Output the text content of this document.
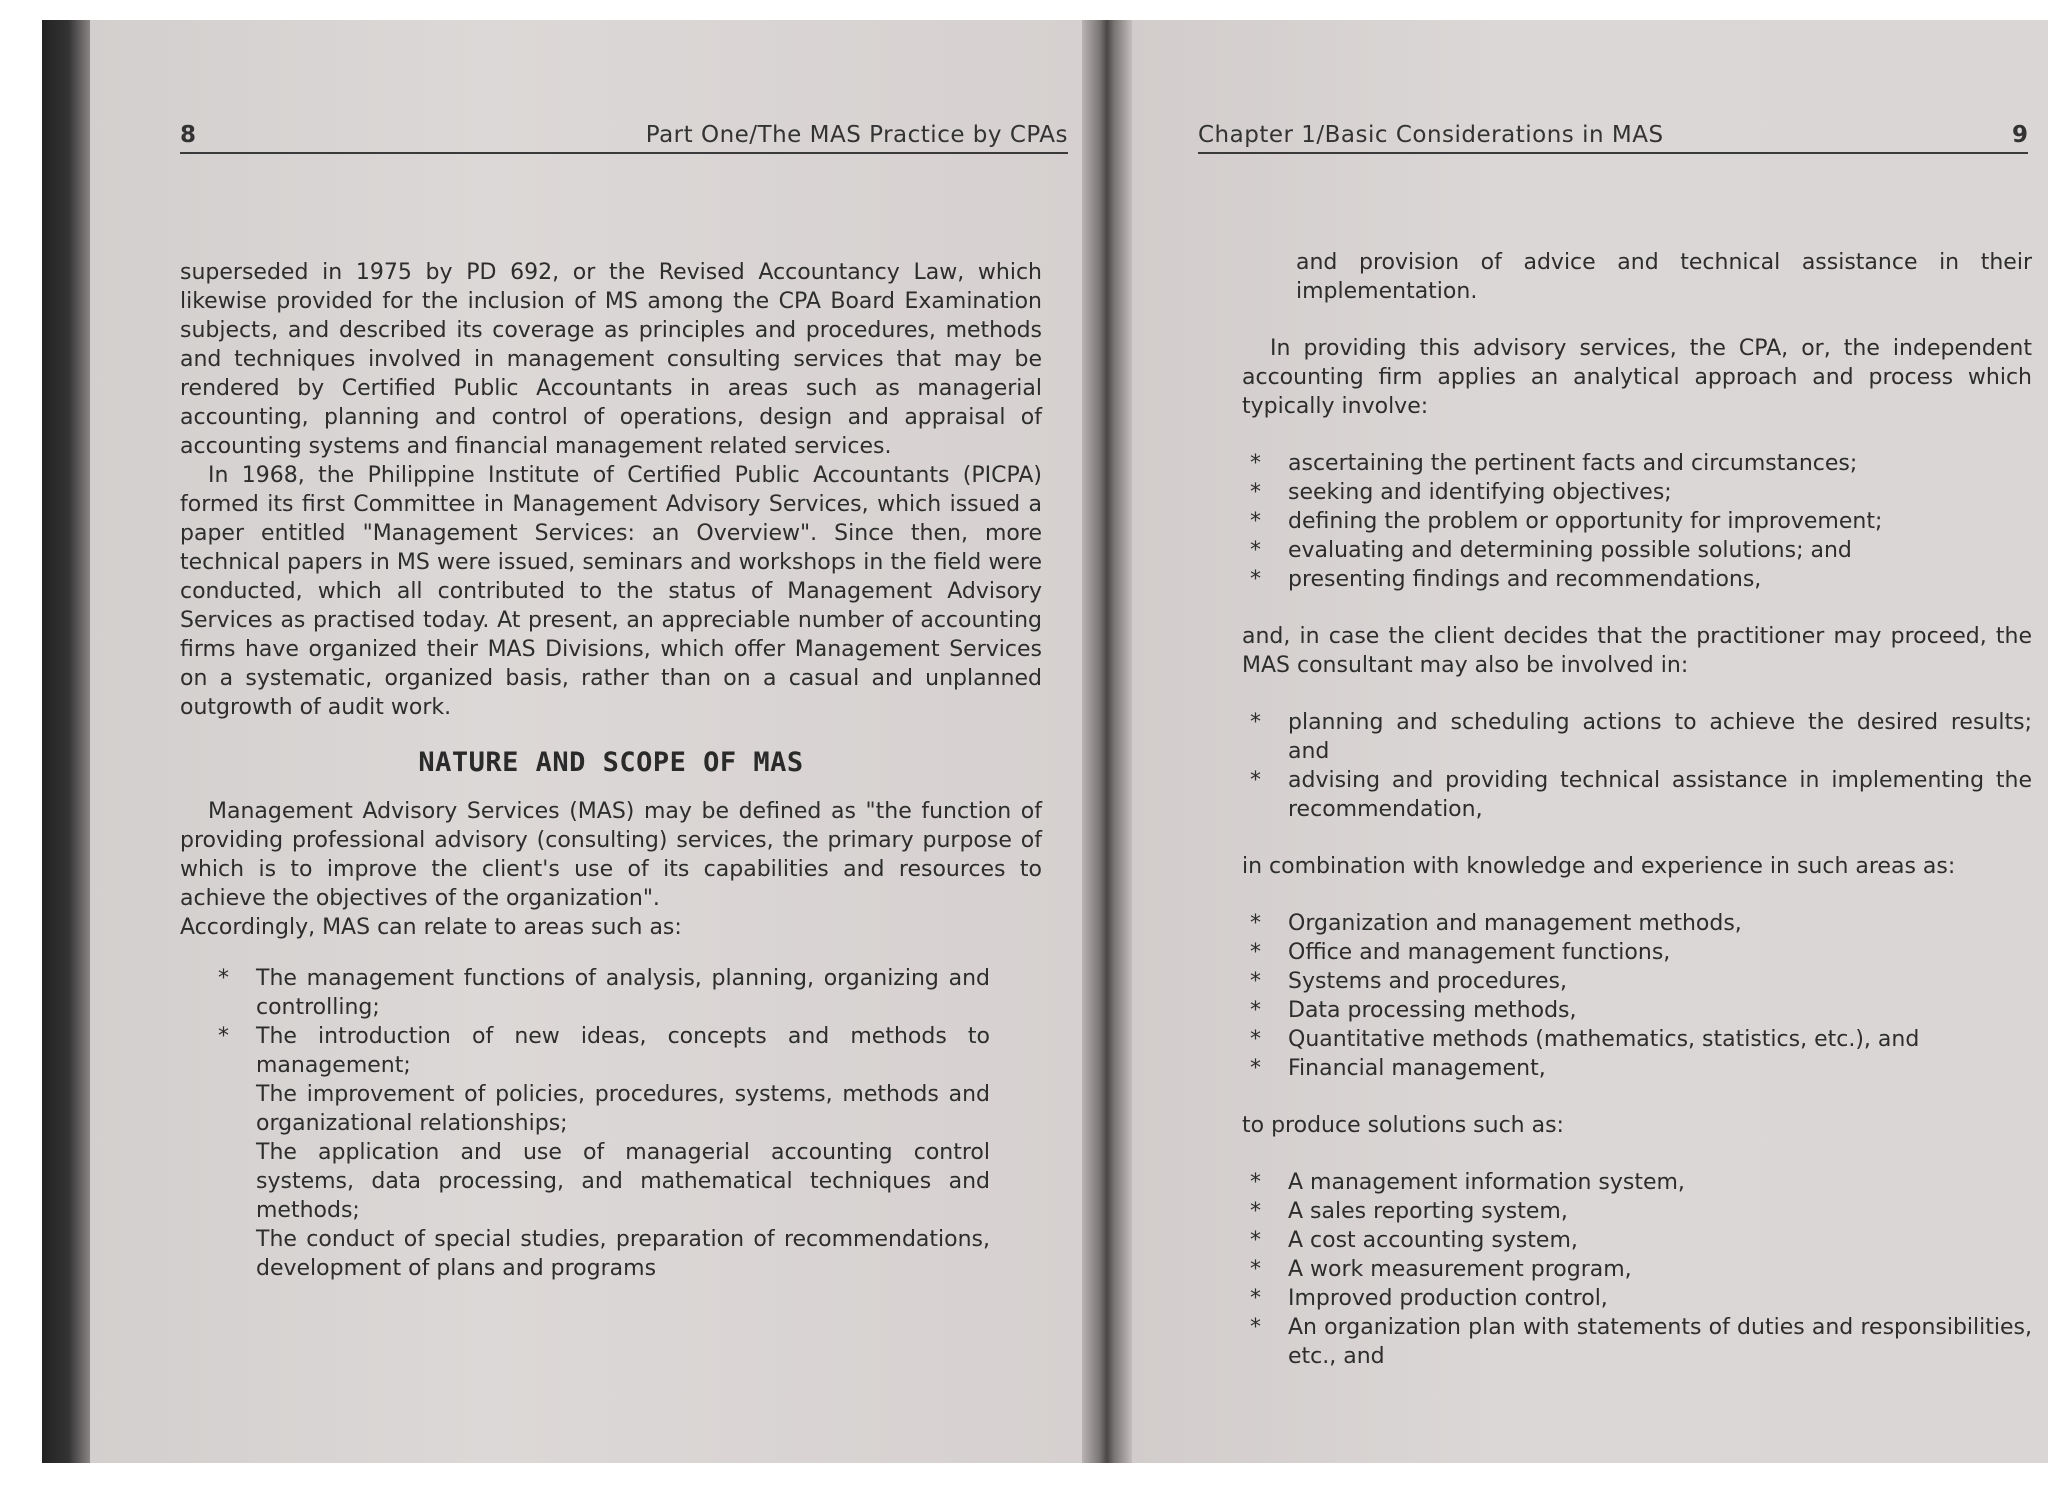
8	Part One/The MAS Practice by CPAs

superseded in 1975 by PD 692, or the Revised Accountancy Law, which likewise provided for the inclusion of MS among the CPA Board Examination subjects, and described its coverage as principles and procedures, methods and techniques involved in management consulting services that may be rendered by Certified Public Accountants in areas such as managerial accounting, planning and control of operations, design and appraisal of accounting systems and financial management related services.

In 1968, the Philippine Institute of Certified Public Accountants (PICPA) formed its first Committee in Management Advisory Services, which issued a paper entitled "Management Services: an Overview". Since then, more technical papers in MS were issued, seminars and workshops in the field were conducted, which all contributed to the status of Management Advisory Services as practised today. At present, an appreciable number of accounting firms have organized their MAS Divisions, which offer Management Services on a systematic, organized basis, rather than on a casual and unplanned outgrowth of audit work.

NATURE AND SCOPE OF MAS

Management Advisory Services (MAS) may be defined as "the function of providing professional advisory (consulting) services, the primary purpose of which is to improve the client's use of its capabilities and resources to achieve the objectives of the organization".

Accordingly, MAS can relate to areas such as:

* The management functions of analysis, planning, organizing and controlling;
* The introduction of new ideas, concepts and methods to management;
The improvement of policies, procedures, systems, methods and organizational relationships;
The application and use of managerial accounting control systems, data processing, and mathematical techniques and methods;
The conduct of special studies, preparation of recommendations, development of plans and programs
Chapter 1/Basic Considerations in MAS	9

and provision of advice and technical assistance in their implementation.

In providing this advisory services, the CPA, or, the independent accounting firm applies an analytical approach and process which typically involve:

* ascertaining the pertinent facts and circumstances;
* seeking and identifying objectives;
* defining the problem or opportunity for improvement;
* evaluating and determining possible solutions; and
* presenting findings and recommendations,

and, in case the client decides that the practitioner may proceed, the MAS consultant may also be involved in:

* planning and scheduling actions to achieve the desired results; and
* advising and providing technical assistance in implementing the recommendation,

in combination with knowledge and experience in such areas as:

* Organization and management methods,
* Office and management functions,
* Systems and procedures,
* Data processing methods,
* Quantitative methods (mathematics, statistics, etc.), and
* Financial management,

to produce solutions such as:

* A management information system,
* A sales reporting system,
* A cost accounting system,
* A work measurement program,
* Improved production control,
* An organization plan with statements of duties and responsibilities, etc., and
